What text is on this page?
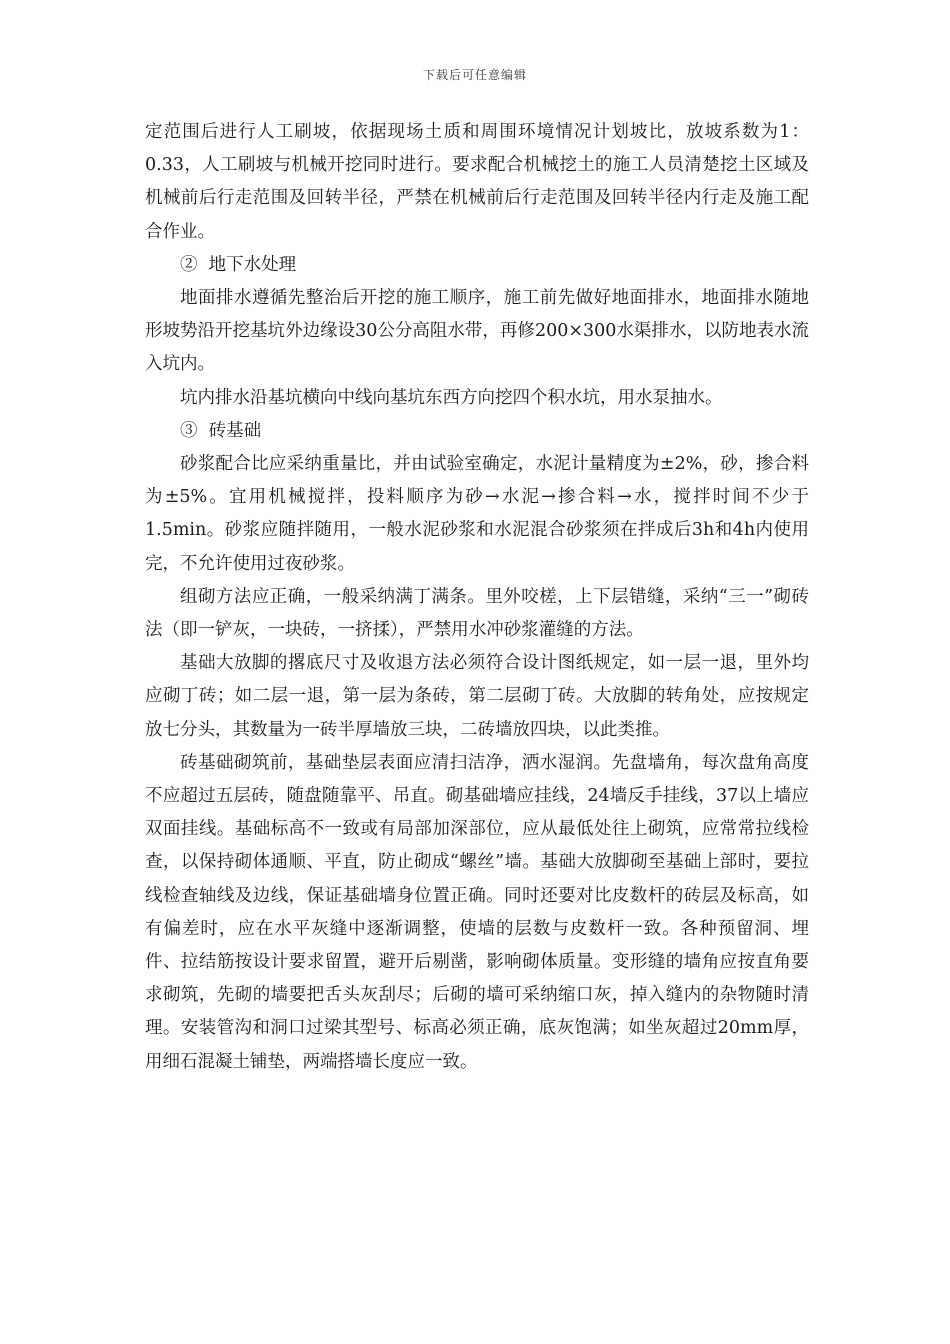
下载后可任意编辑

定范围后进行人工刷坡，依据现场土质和周围环境情况计划坡比，放坡系数为1：0.33，人工刷坡与机械开挖同时进行。要求配合机械挖土的施工人员清楚挖土区域及机械前后行走范围及回转半径，严禁在机械前后行走范围及回转半径内行走及施工配合作业。

②  地下水处理

地面排水遵循先整治后开挖的施工顺序，施工前先做好地面排水，地面排水随地形坡势沿开挖基坑外边缘设30公分高阻水带，再修200×300水渠排水，以防地表水流入坑内。

坑内排水沿基坑横向中线向基坑东西方向挖四个积水坑，用水泵抽水。

③  砖基础

砂浆配合比应采纳重量比，并由试验室确定，水泥计量精度为±2%，砂，掺合料为±5%。宜用机械搅拌，投料顺序为砂→水泥→掺合料→水，搅拌时间不少于1.5min。砂浆应随拌随用，一般水泥砂浆和水泥混合砂浆须在拌成后3h和4h内使用完，不允许使用过夜砂浆。

组砌方法应正确，一般采纳满丁满条。里外咬槎，上下层错缝，采纳“三一”砌砖法（即一铲灰，一块砖，一挤揉），严禁用水冲砂浆灌缝的方法。

基础大放脚的撂底尺寸及收退方法必须符合设计图纸规定，如一层一退，里外均应砌丁砖；如二层一退，第一层为条砖，第二层砌丁砖。大放脚的转角处，应按规定放七分头，其数量为一砖半厚墙放三块，二砖墙放四块，以此类推。

砖基础砌筑前，基础垫层表面应清扫洁净，洒水湿润。先盘墙角，每次盘角高度不应超过五层砖，随盘随靠平、吊直。砌基础墙应挂线，24墙反手挂线，37以上墙应双面挂线。基础标高不一致或有局部加深部位，应从最低处往上砌筑，应常常拉线检查，以保持砌体通顺、平直，防止砌成“螺丝”墙。基础大放脚砌至基础上部时，要拉线检查轴线及边线，保证基础墙身位置正确。同时还要对比皮数杆的砖层及标高，如有偏差时，应在水平灰缝中逐渐调整，使墙的层数与皮数杆一致。各种预留洞、埋件、拉结筋按设计要求留置，避开后剔凿，影响砌体质量。变形缝的墙角应按直角要求砌筑，先砌的墙要把舌头灰刮尽；后砌的墙可采纳缩口灰，掉入缝内的杂物随时清理。安装管沟和洞口过梁其型号、标高必须正确，底灰饱满；如坐灰超过20mm厚，用细石混凝土铺垫，两端搭墙长度应一致。
